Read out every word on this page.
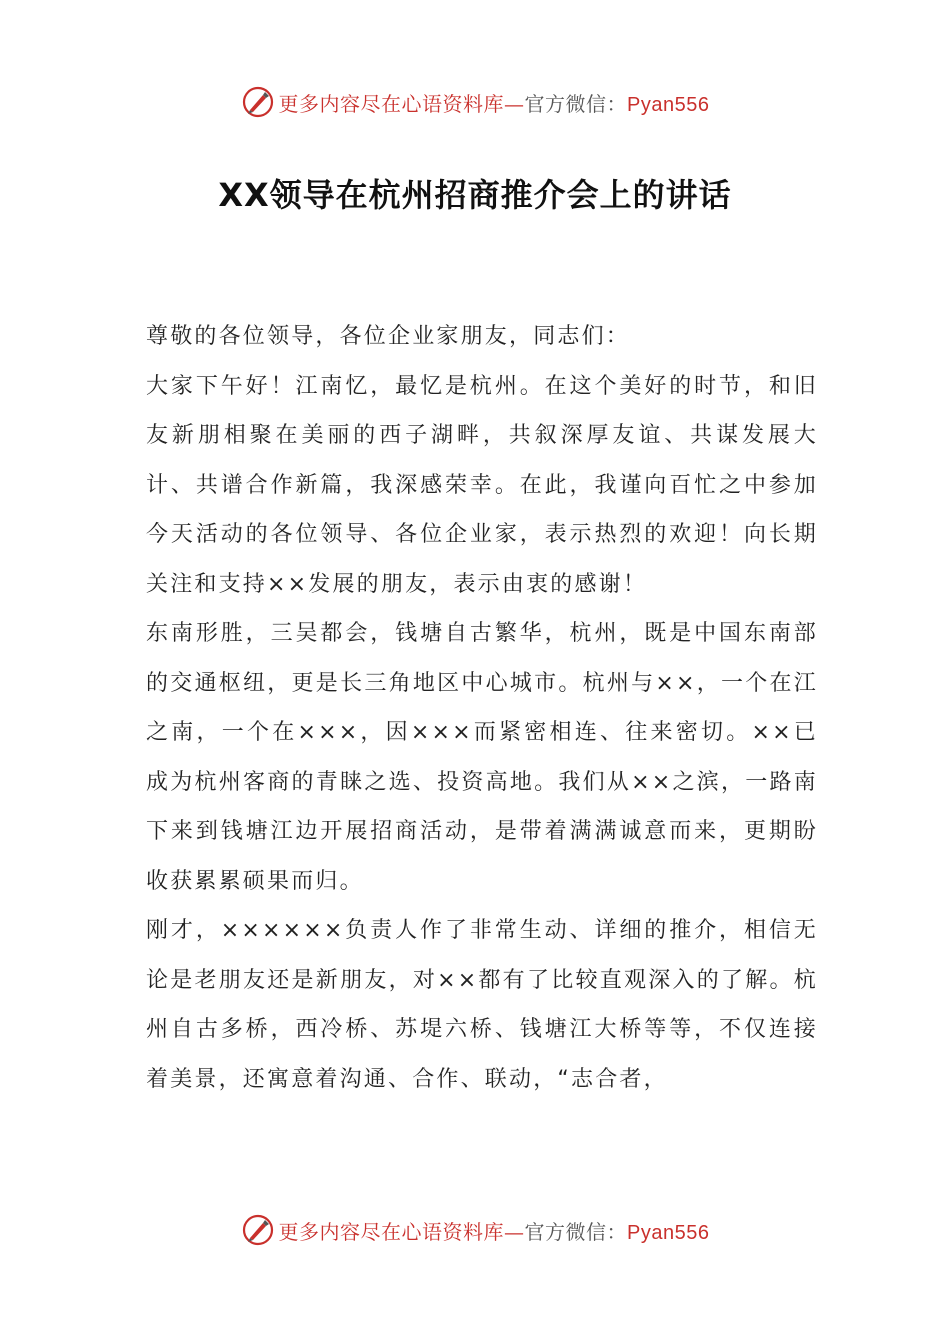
更多内容尽在心语资料库—官方微信：Pyan556
XX领导在杭州招商推介会上的讲话

尊敬的各位领导，各位企业家朋友，同志们：

大家下午好！江南忆，最忆是杭州。在这个美好的时节，和旧友新朋相聚在美丽的西子湖畔，共叙深厚友谊、共谋发展大计、共谱合作新篇，我深感荣幸。在此，我谨向百忙之中参加今天活动的各位领导、各位企业家，表示热烈的欢迎！向长期关注和支持××发展的朋友，表示由衷的感谢！

东南形胜，三吴都会，钱塘自古繁华，杭州，既是中国东南部的交通枢纽，更是长三角地区中心城市。杭州与××，一个在江之南，一个在×××，因×××而紧密相连、往来密切。××已成为杭州客商的青睐之选、投资高地。我们从××之滨，一路南下来到钱塘江边开展招商活动，是带着满满诚意而来，更期盼收获累累硕果而归。

刚才，××××××负责人作了非常生动、详细的推介，相信无论是老朋友还是新朋友，对××都有了比较直观深入的了解。杭州自古多桥，西冷桥、苏堤六桥、钱塘江大桥等等，不仅连接着美景，还寓意着沟通、合作、联动，“志合者，

更多内容尽在心语资料库—官方微信：Pyan556
